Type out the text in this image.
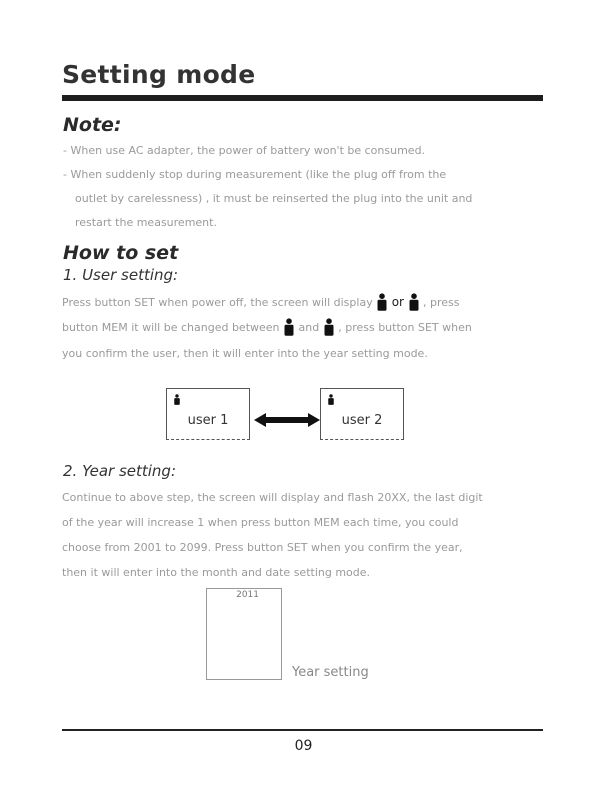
Setting mode
Note:
- When use AC adapter, the power of battery won't be consumed.
- When suddenly stop during measurement (like the plug off from the
outlet by carelessness) , it must be reinserted the plug into the unit and
restart the measurement.
How to set
1. User setting:
Press button SET when power off, the screen will display or , press
button MEM it will be changed between and , press button SET when
you confirm the user, then it will enter into the year setting mode.
user 1	user 2
2. Year setting:
Continue to above step, the screen will display and flash 20XX, the last digit
of the year will increase 1 when press button MEM each time, you could
choose from 2001 to 2099. Press button SET when you confirm the year,
then it will enter into the month and date setting mode.
2011
Year setting
09
